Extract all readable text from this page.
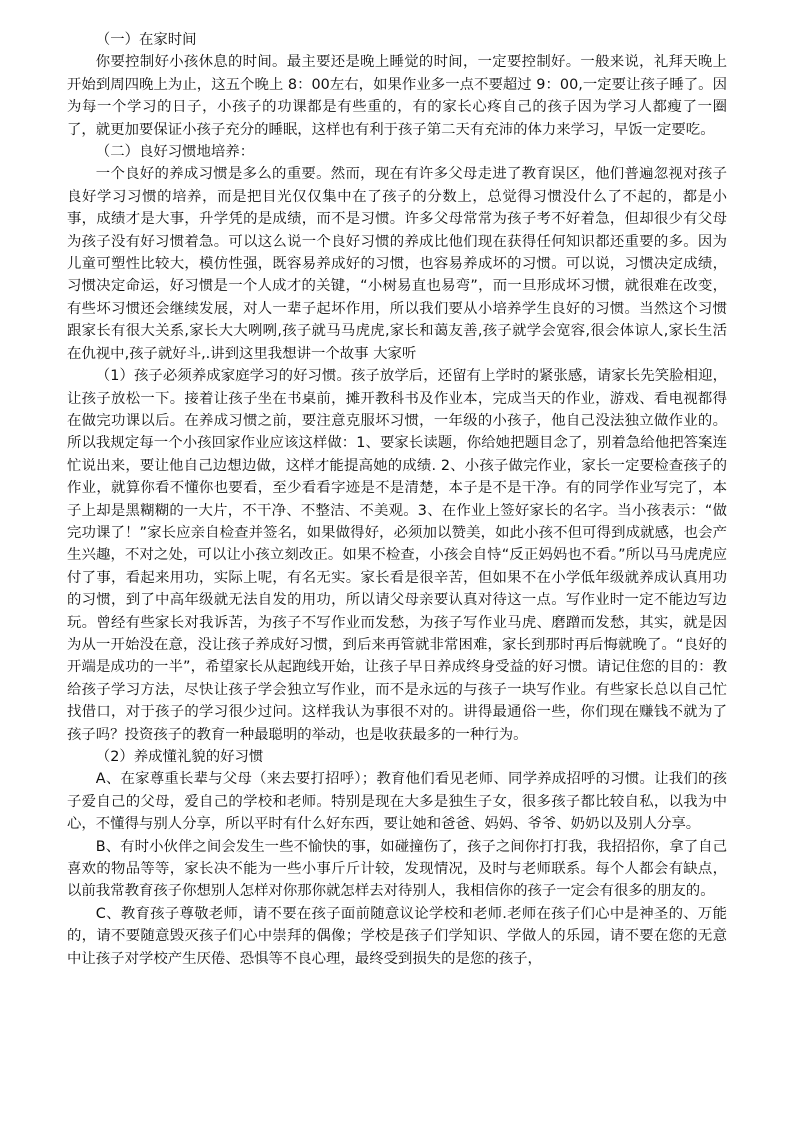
（一）在家时间

你要控制好小孩休息的时间。最主要还是晚上睡觉的时间，一定要控制好。一般来说，礼拜天晚上开始到周四晚上为止，这五个晚上 8：00左右，如果作业多一点不要超过 9：00,一定要让孩子睡了。因为每一个学习的日子，小孩子的功课都是有些重的，有的家长心疼自己的孩子因为学习人都瘦了一圈了，就更加要保证小孩子充分的睡眠，这样也有利于孩子第二天有充沛的体力来学习，早饭一定要吃。

（二）良好习惯地培养：

一个良好的养成习惯是多么的重要。然而，现在有许多父母走进了教育误区，他们普遍忽视对孩子良好学习习惯的培养，而是把目光仅仅集中在了孩子的分数上，总觉得习惯没什么了不起的，都是小事，成绩才是大事，升学凭的是成绩，而不是习惯。许多父母常常为孩子考不好着急，但却很少有父母为孩子没有好习惯着急。可以这么说一个良好习惯的养成比他们现在获得任何知识都还重要的多。因为儿童可塑性比较大，模仿性强，既容易养成好的习惯，也容易养成坏的习惯。可以说，习惯决定成绩，习惯决定命运，好习惯是一个人成才的关键，“小树易直也易弯”，而一旦形成坏习惯，就很难在改变，有些坏习惯还会继续发展，对人一辈子起坏作用，所以我们要从小培养学生良好的习惯。当然这个习惯跟家长有很大关系,家长大大咧咧,孩子就马马虎虎,家长和蔼友善,孩子就学会宽容,很会体谅人,家长生活在仇视中,孩子就好斗,.讲到这里我想讲一个故事 大家听

（1）孩子必须养成家庭学习的好习惯。孩子放学后，还留有上学时的紧张感，请家长先笑脸相迎，让孩子放松一下。接着让孩子坐在书桌前，摊开教科书及作业本，完成当天的作业，游戏、看电视都得在做完功课以后。在养成习惯之前，要注意克服坏习惯，一年级的小孩子，他自己没法独立做作业的。所以我规定每一个小孩回家作业应该这样做：1、要家长读题，你给她把题目念了，别着急给他把答案连忙说出来，要让他自己边想边做，这样才能提高她的成绩. 2、小孩子做完作业，家长一定要检查孩子的作业，就算你看不懂你也要看，至少看看字迹是不是清楚，本子是不是干净。有的同学作业写完了，本子上却是黑糊糊的一大片，不干净、不整洁、不美观。3、在作业上签好家长的名字。当小孩表示：“做完功课了！”家长应亲自检查并签名，如果做得好，必须加以赞美，如此小孩不但可得到成就感，也会产生兴趣，不对之处，可以让小孩立刻改正。如果不检查，小孩会自恃“反正妈妈也不看。”所以马马虎虎应付了事，看起来用功，实际上呢，有名无实。家长看是很辛苦，但如果不在小学低年级就养成认真用功的习惯，到了中高年级就无法自发的用功，所以请父母亲要认真对待这一点。写作业时一定不能边写边玩。曾经有些家长对我诉苦，为孩子不写作业而发愁，为孩子写作业马虎、磨蹭而发愁，其实，就是因为从一开始没在意，没让孩子养成好习惯，到后来再管就非常困难，家长到那时再后悔就晚了。“良好的开端是成功的一半”，希望家长从起跑线开始，让孩子早日养成终身受益的好习惯。请记住您的目的：教给孩子学习方法，尽快让孩子学会独立写作业，而不是永远的与孩子一块写作业。有些家长总以自己忙找借口，对于孩子的学习很少过问。这样我认为事很不对的。讲得最通俗一些，你们现在赚钱不就为了孩子吗？投资孩子的教育一种最聪明的举动，也是收获最多的一种行为。

（2）养成懂礼貌的好习惯

A、在家尊重长辈与父母（来去要打招呼）；教育他们看见老师、同学养成招呼的习惯。让我们的孩子爱自己的父母，爱自己的学校和老师。特别是现在大多是独生子女，很多孩子都比较自私，以我为中心，不懂得与别人分享，所以平时有什么好东西，要让她和爸爸、妈妈、爷爷、奶奶以及别人分享。

B、有时小伙伴之间会发生一些不愉快的事，如碰撞伤了，孩子之间你打打我，我招招你，拿了自己喜欢的物品等等，家长决不能为一些小事斤斤计较，发现情况，及时与老师联系。每个人都会有缺点，以前我常教育孩子你想别人怎样对你那你就怎样去对待别人，我相信你的孩子一定会有很多的朋友的。

C、教育孩子尊敬老师，请不要在孩子面前随意议论学校和老师.老师在孩子们心中是神圣的、万能的，请不要随意毁灭孩子们心中崇拜的偶像；学校是孩子们学知识、学做人的乐园，请不要在您的无意中让孩子对学校产生厌倦、恐惧等不良心理，最终受到损失的是您的孩子，
